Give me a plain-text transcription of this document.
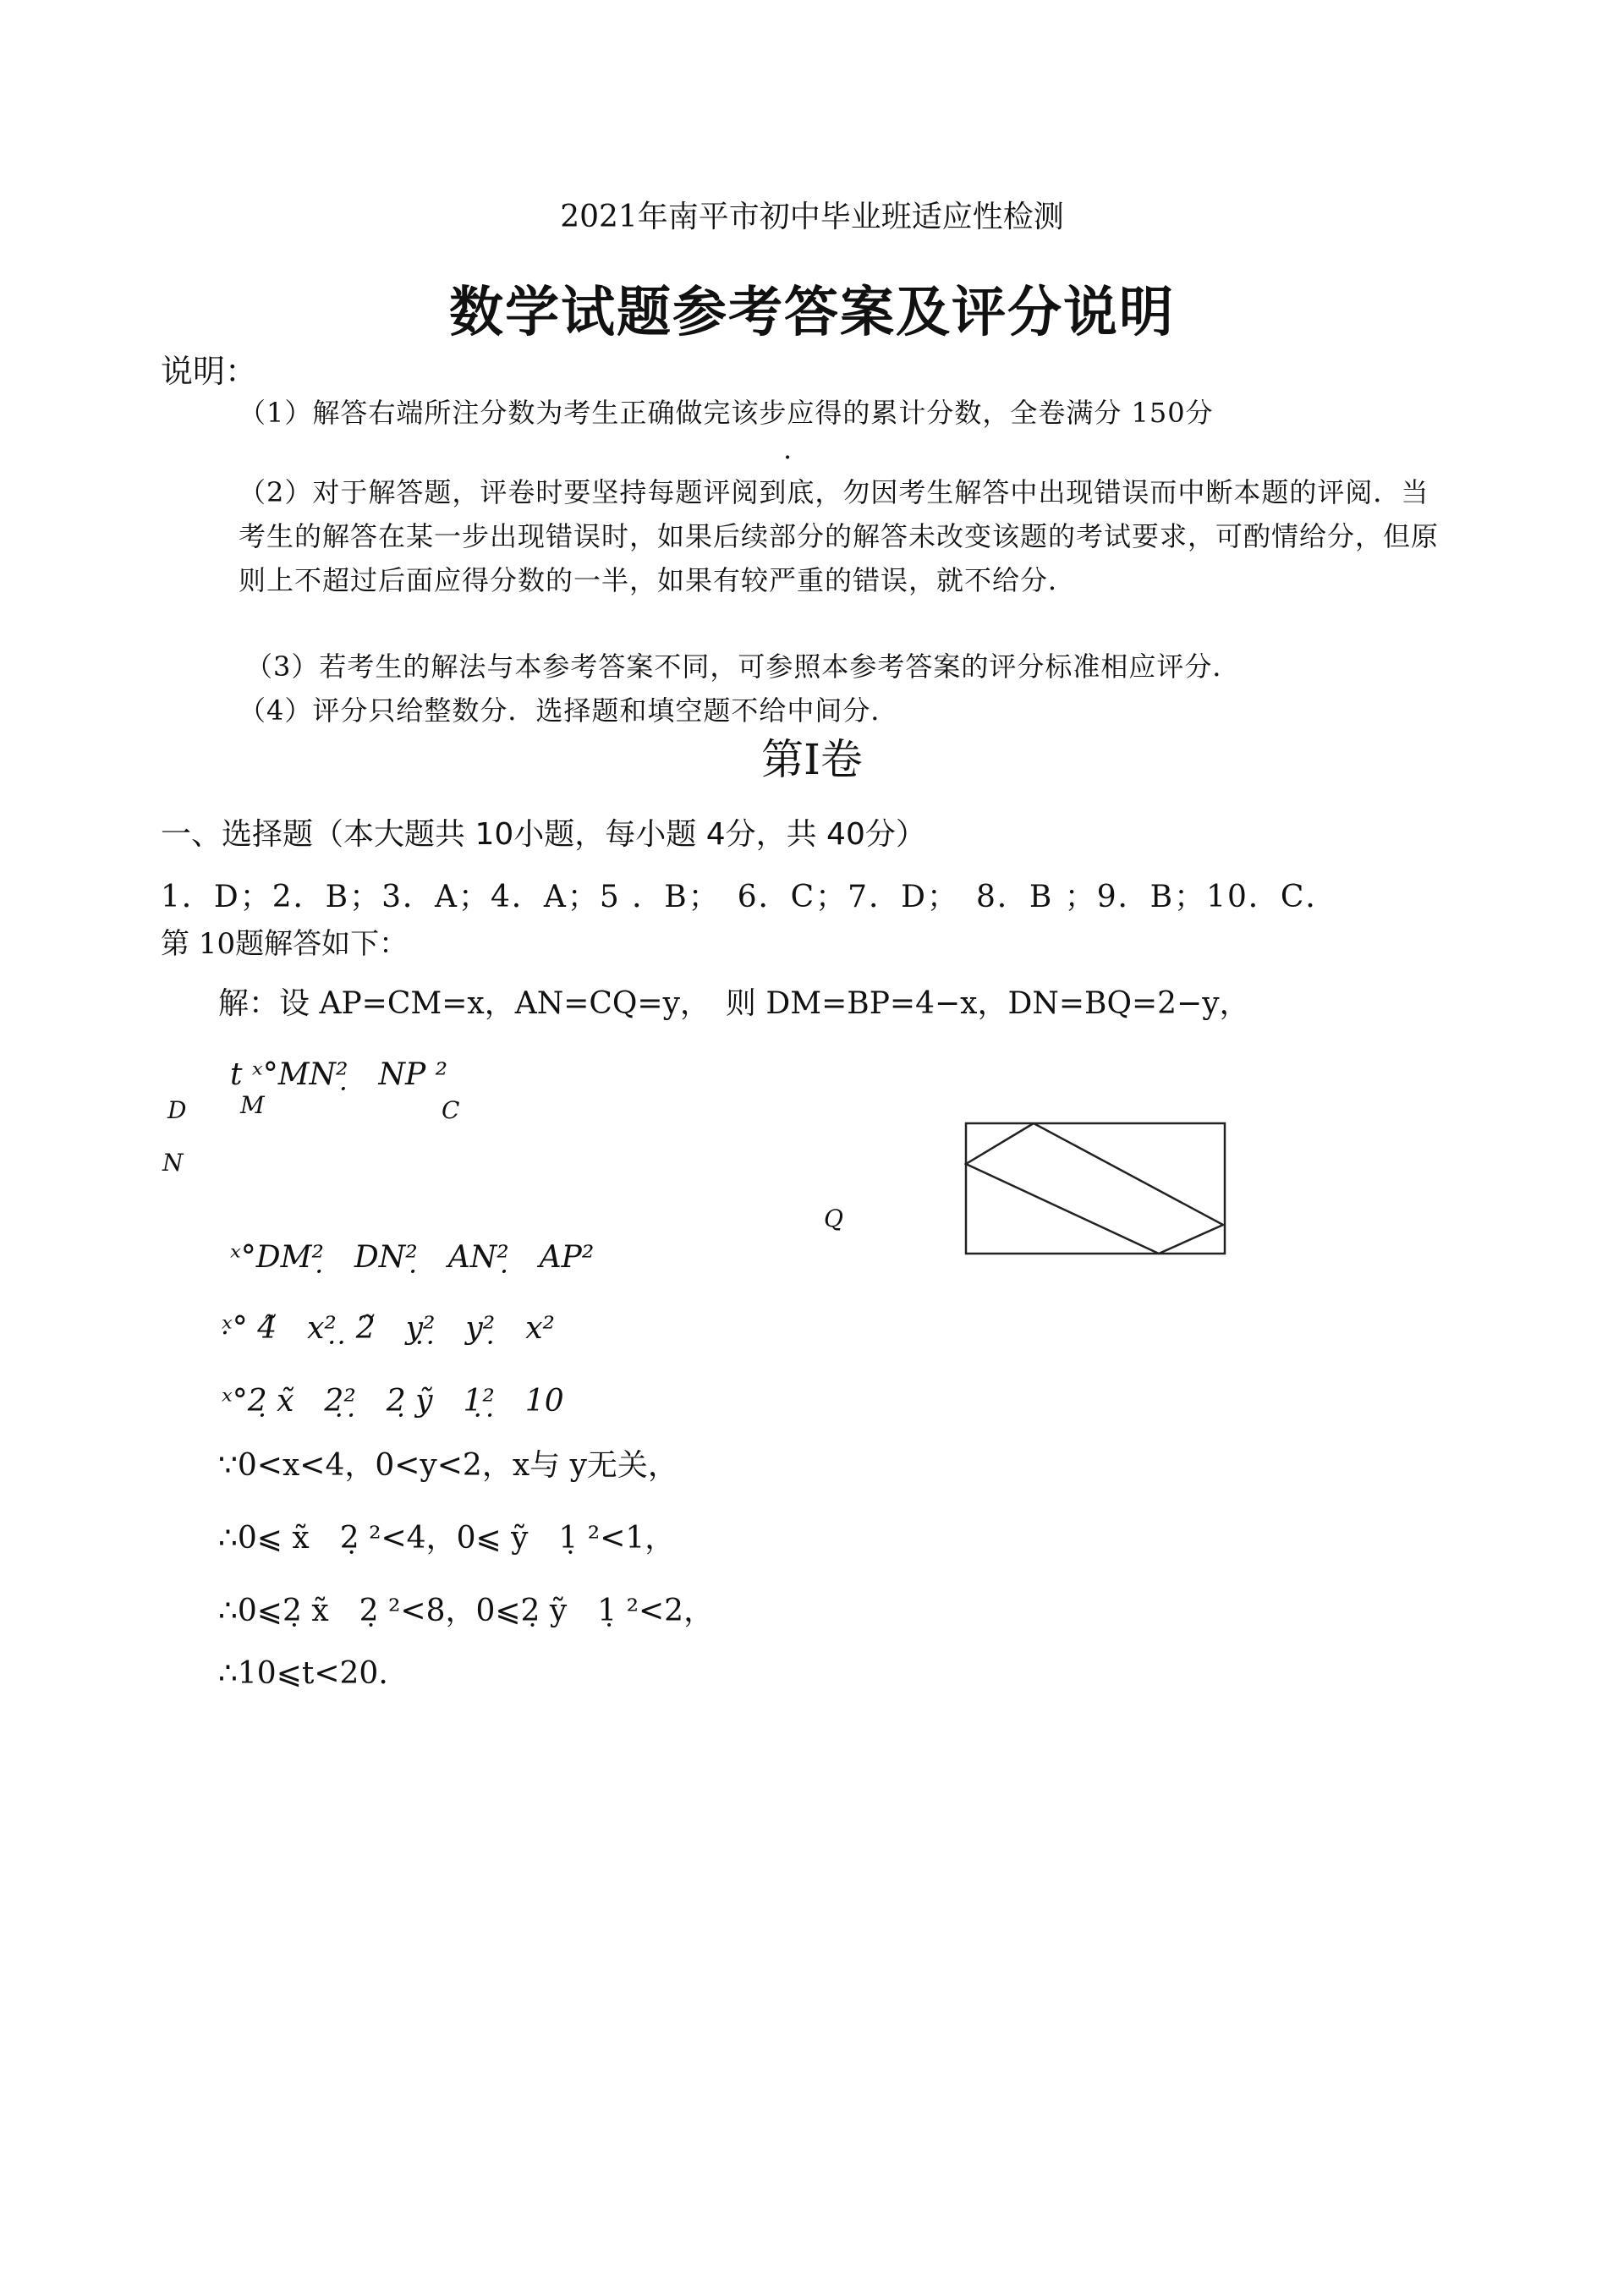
2021年南平市初中毕业班适应性检测
数学试题参考答案及评分说明
说明：
（1）解答右端所注分数为考生正确做完该步应得的累计分数，全卷满分 150分
.
（2）对于解答题，评卷时要坚持每题评阅到底，勿因考生解答中出现错误而中断本题的评阅．当考生的解答在某一步出现错误时，如果后续部分的解答未改变该题的考试要求，可酌情给分，但原则上不超过后面应得分数的一半，如果有较严重的错误，就不给分．
（3）若考生的解法与本参考答案不同，可参照本参考答案的评分标准相应评分．
（4）评分只给整数分．选择题和填空题不给中间分．
第Ⅰ卷
一、选择题（本大题共 10小题，每小题 4分，共 40分）
1．D；2．B；3．A；4．A；5 ．B；　6．C；7．D；　8．B ；9．B；10．C．
第 10题解答如下：
解：设 AP=CM=x，AN=CQ=y，　则 DM=BP=4−x，DN=BQ=2−y，
t ˣ°MN²̣　NP ²
D M	C
N
Q
ˣ°DM²̣　DN²̣　AN²̣　AP²
ˣ̣° 4̃　x²̣ ̣ 2̃　ỵ²̣　y²̣　x²
ˣ°2̣ x̃　2̣²̣　2̣ ỹ　1̣²̣　10
∵0<x<4，0<y<2，x与 y无关，
∴0⩽ x̃　2̣ ²<4，0⩽ ỹ　1̣ ²<1，
∴0⩽2̣ x̃　2̣ ²<8，0⩽2̣ ỹ　1̣ ²<2，
∴10⩽t<20.
